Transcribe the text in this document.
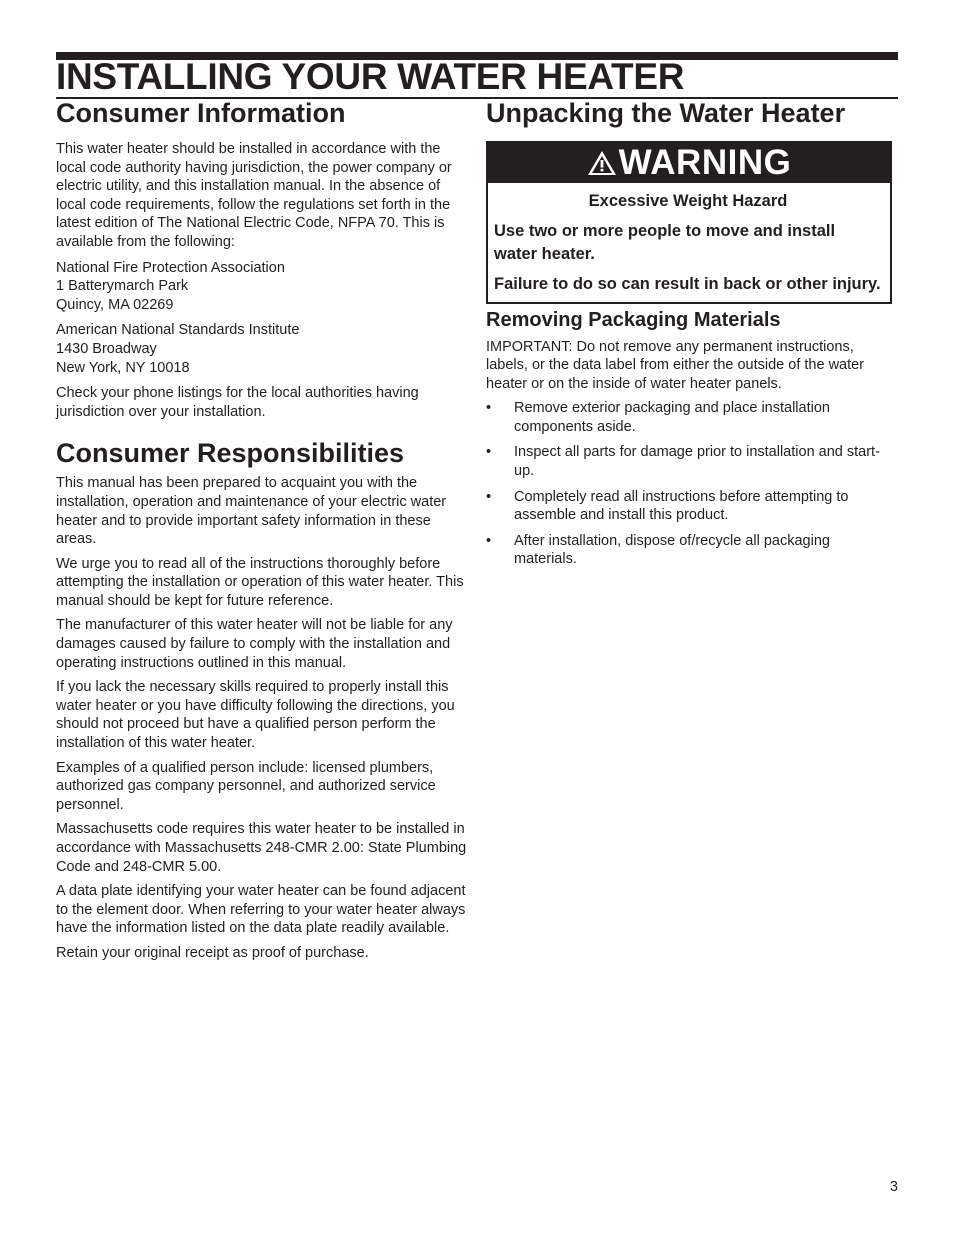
INSTALLING YOUR WATER HEATER
Consumer Information

This water heater should be installed in accordance with the local code authority having jurisdiction, the power company or electric utility, and this installation manual. In the absence of local code requirements, follow the regulations set forth in the latest edition of The National Electric Code, NFPA 70. This is available from the following:

National Fire Protection Association
1 Batterymarch Park
Quincy, MA 02269

American National Standards Institute
1430 Broadway
New York, NY 10018

Check your phone listings for the local authorities having jurisdiction over your installation.

Consumer Responsibilities

This manual has been prepared to acquaint you with the installation, operation and maintenance of your electric water heater and to provide important safety information in these areas.

We urge you to read all of the instructions thoroughly before attempting the installation or operation of this water heater. This manual should be kept for future reference.

The manufacturer of this water heater will not be liable for any damages caused by failure to comply with the installation and operating instructions outlined in this manual.

If you lack the necessary skills required to properly install this water heater or you have difficulty following the directions, you should not proceed but have a qualified person perform the installation of this water heater.

Examples of a qualified person include: licensed plumbers, authorized gas company personnel, and authorized service personnel.

Massachusetts code requires this water heater to be installed in accordance with Massachusetts 248-CMR 2.00: State Plumbing Code and 248-CMR 5.00.

A data plate identifying your water heater can be found adjacent to the element door. When referring to your water heater always have the information listed on the data plate readily available.

Retain your original receipt as proof of purchase.

Unpacking the Water Heater
WARNING
Excessive Weight Hazard
Use two or more people to move and install water heater.
Failure to do so can result in back or other injury.
Removing Packaging Materials

IMPORTANT: Do not remove any permanent instructions, labels, or the data label from either the outside of the water heater or on the inside of water heater panels.

•	Remove exterior packaging and place installation components aside.
•	Inspect all parts for damage prior to installation and start-up.
•	Completely read all instructions before attempting to assemble and install this product.
•	After installation, dispose of/recycle all packaging materials.
3
